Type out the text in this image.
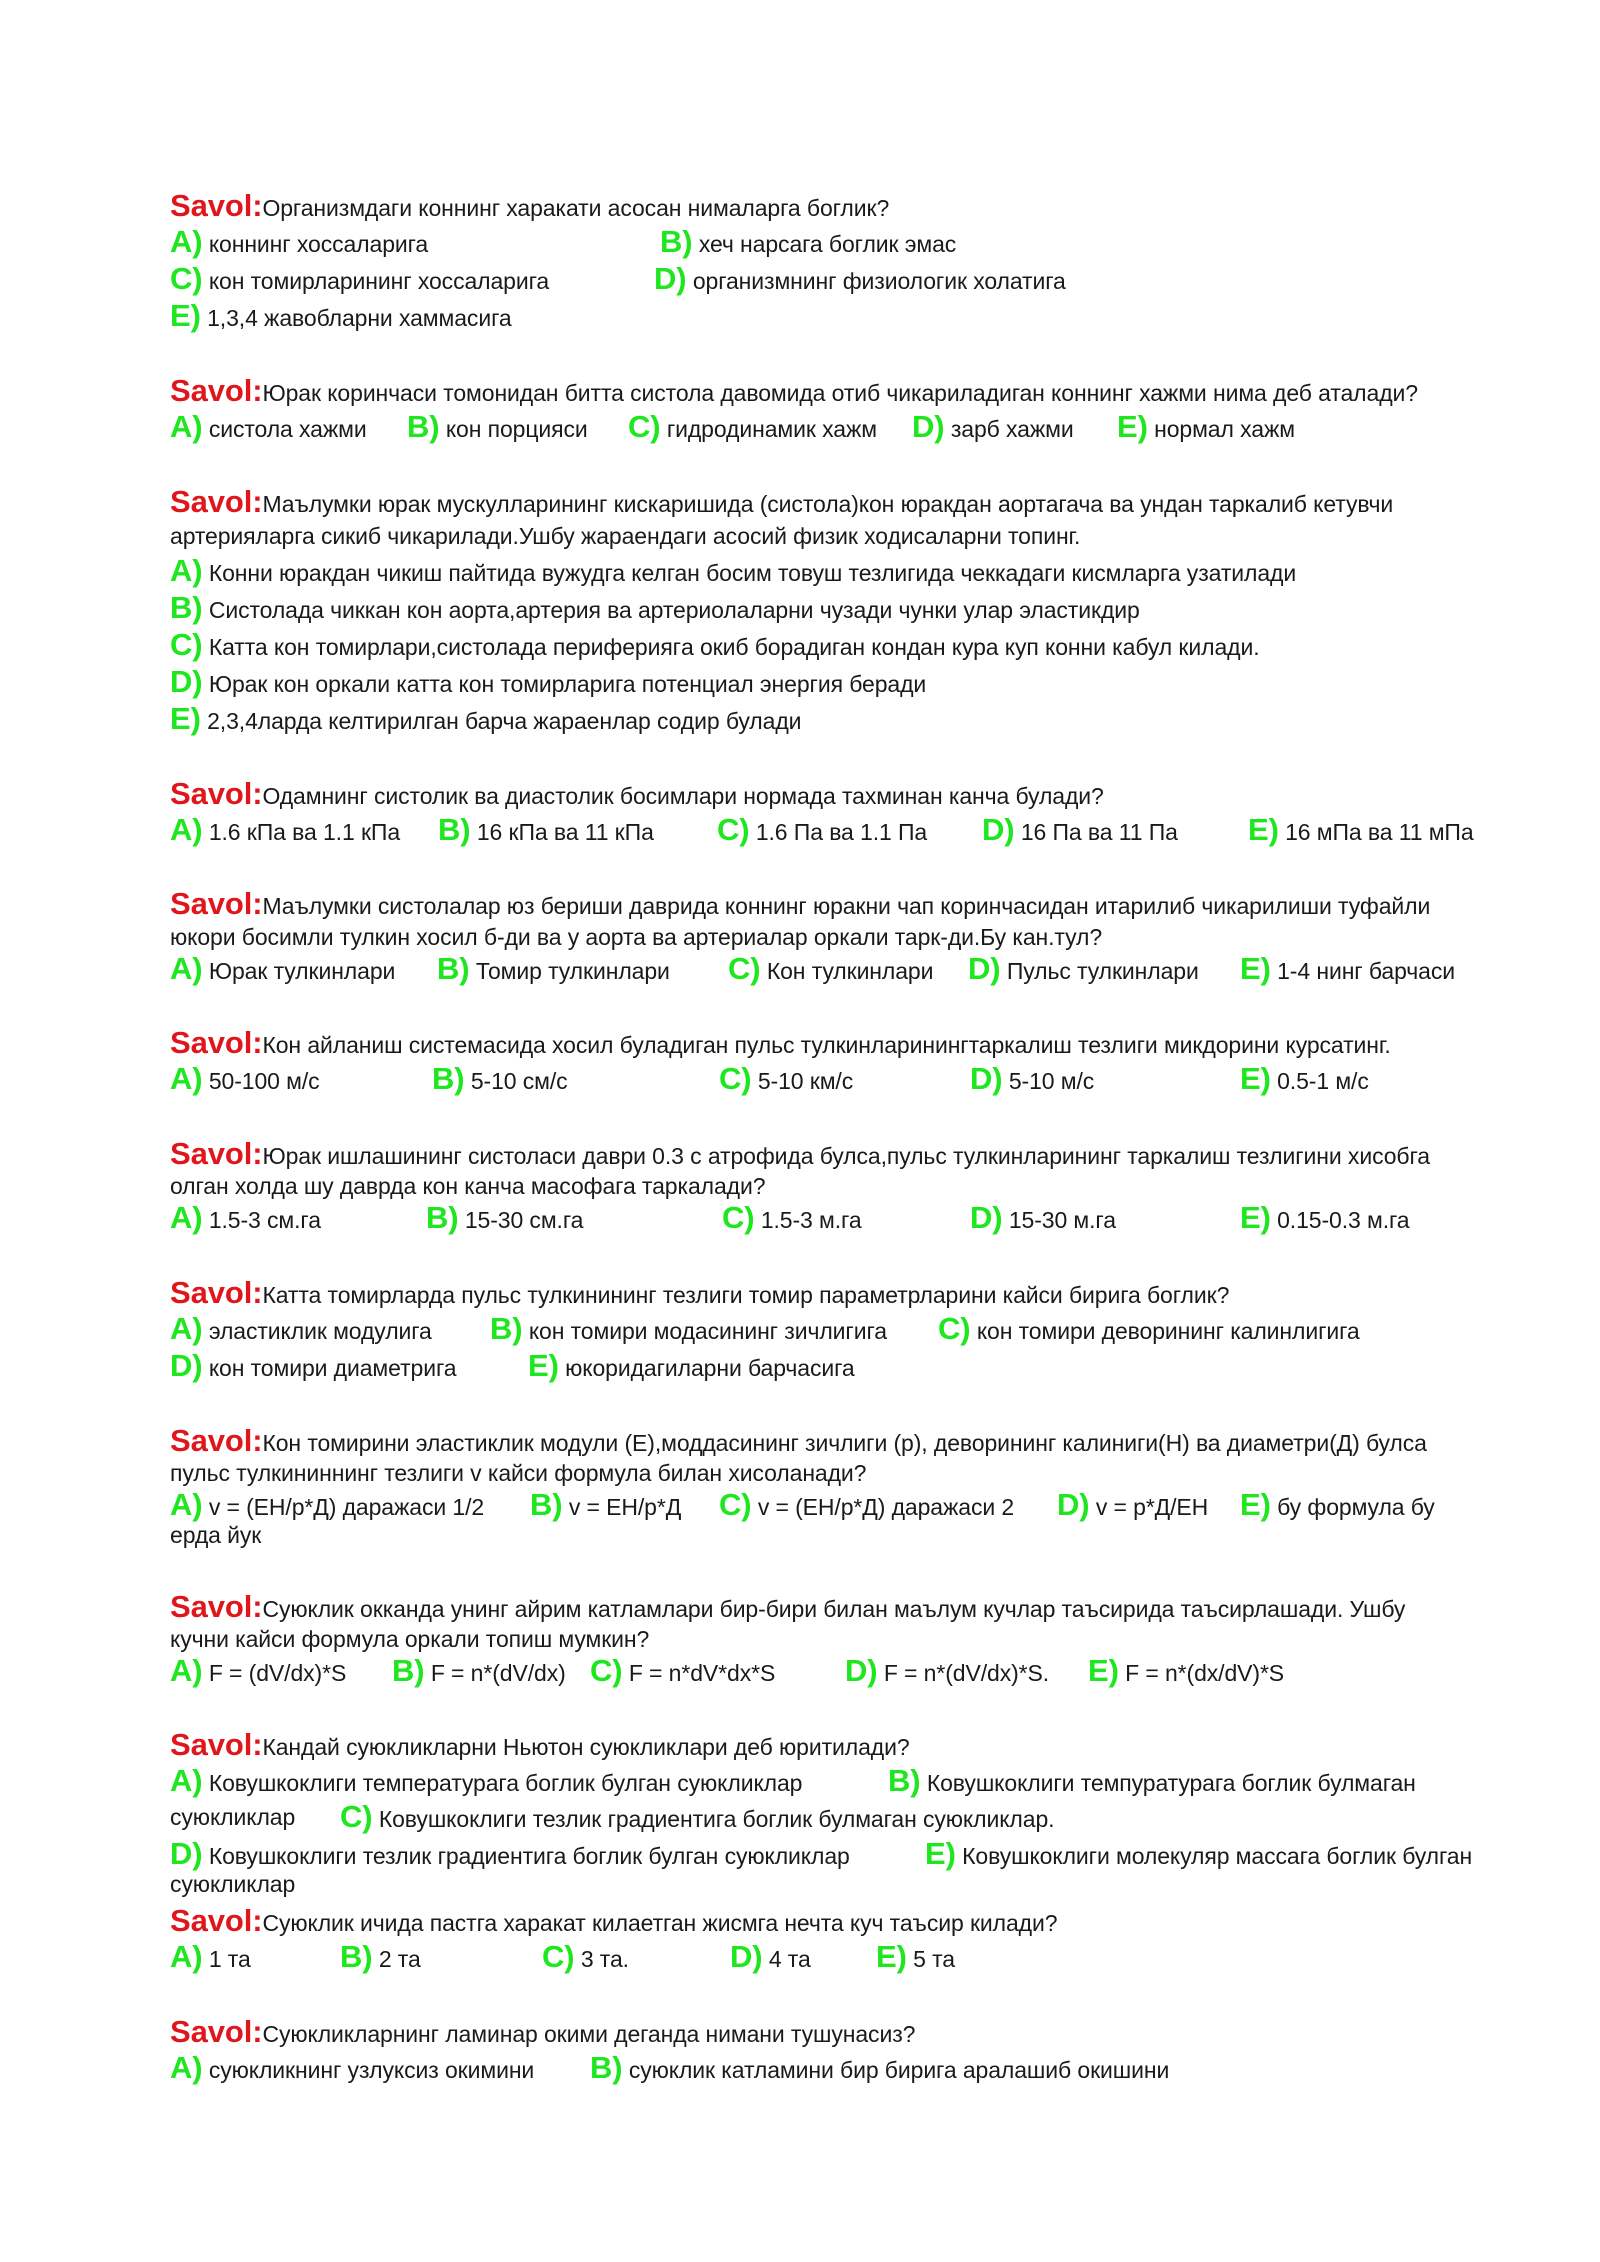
Savol:Организмдаги коннинг харакати асосан нималарга боглик?
A) коннинг хоссаларига	B) хеч нарсага боглик эмас
C) кон томирларининг хоссаларига	D) организмнинг физиологик холатига
E) 1,3,4 жавобларни хаммасига
Savol:Юрак коринчаси томонидан битта систола давомида отиб чикариладиган коннинг хажми нима деб аталади?
A) систола хажми B) кон порцияси C) гидродинамик хажм D) зарб хажми E) нормал хажм
Savol:Маълумки юрак мускулларининг кискаришида (систола)кон юракдан аортагача ва ундан таркалиб кетувчи
артерияларга сикиб чикарилади.Ушбу жараендаги асосий физик ходисаларни топинг.
A) Конни юракдан чикиш пайтида вужудга келган босим товуш тезлигида чеккадаги кисмларга узатилади
B) Систолада чиккан кон аорта,артерия ва артериолаларни чузади чунки улар эластикдир
C) Катта кон томирлари,систолада перифериягa окиб борадиган кондан кура куп конни кабул килади.
D) Юрак кон оркали катта кон томирларига потенциал энергия беради
E) 2,3,4ларда келтирилган барча жараенлар содир булади
Savol:Одамнинг систолик ва диастолик босимлари нормада тахминан канча булади?
A) 1.6 кПа ва 1.1 кПа B) 16 кПа ва 11 кПа C) 1.6 Па ва 1.1 Па D) 16 Па ва 11 Па E) 16 мПа ва 11 мПа
Savol:Маълумки систолалар юз бериши даврида коннинг юракни чап коринчасидан итарилиб чикарилиши туфайли
юкори босимли тулкин хосил б-ди ва у аорта ва артериалар оркали тарк-ди.Бу кан.тул?
A) Юрак тулкинлари B) Томир тулкинлари C) Кон тулкинлари D) Пульс тулкинлари E) 1-4 нинг барчаси
Savol:Кон айланиш системасида хосил буладиган пульс тулкинларинингтаркалиш тезлиги микдорини курсатинг.
A) 50-100 м/с	B) 5-10 см/с	C) 5-10 км/с	D) 5-10 м/с	E) 0.5-1 м/с
Savol:Юрак ишлашининг систоласи даври 0.3 с атрофида булса,пульс тулкинларининг таркалиш тезлигини хисобга
олган холда шу даврда кон канча масофага таркалади?
A) 1.5-3 см.га	B) 15-30 см.га	C) 1.5-3 м.га	D) 15-30 м.га	E) 0.15-0.3 м.га
Savol:Катта томирларда пульс тулкинининг тезлиги томир параметрларини кайси бирига боглик?
A) эластиклик модулига B) кон томири модасининг зичлигига C) кон томири деворининг калинлигига
D) кон томири диаметрига E) юкоридагиларни барчасига
Savol:Кон томирини эластиклик модули (Е),моддасининг зичлиги (р), деворининг калиниги(Н) ва диаметри(Д) булса
пульс тулкининнинг тезлиги v кайси формула билан хисоланади?
A) v = (ЕН/р*Д) даражаси 1/2 B) v = ЕН/р*Д C) v = (ЕН/р*Д) даражаси 2 D) v = р*Д/ЕН E) бу формула бу
ерда йук
Savol:Суюклик окканда унинг айрим катламлари бир-бири билан маълум кучлар таъсирида таъсирлашади. Ушбу
кучни кайси формула оркали топиш мумкин?
A) F = (dV/dx)*S B) F = n*(dV/dx) C) F = n*dV*dx*S D) F = n*(dV/dx)*S. E) F = n*(dx/dV)*S
Savol:Кандай суюкликларни Ньютон суюкликлари деб юритилади?
A) Ковушкоклиги температурага боглик булган суюкликлар	B) Ковушкоклиги темпуратурага боглик булмаган
суюкликлар C) Ковушкоклиги тезлик градиентига боглик булмаган суюкликлар.
D) Ковушкоклиги тезлик градиентига боглик булган суюкликлар E) Ковушкоклиги молекуляр массага боглик булган
суюкликлар
Savol:Суюклик ичида пастга харакат килаетган жисмга нечта куч таъсир килади?
A) 1 та	B) 2 та	C) 3 та.	D) 4 та E) 5 та
Savol:Суюкликларнинг ламинар окими деганда нимани тушунасиз?
A) суюкликнинг узлуксиз окимини B) суюклик катламини бир бирига аралашиб окишини
